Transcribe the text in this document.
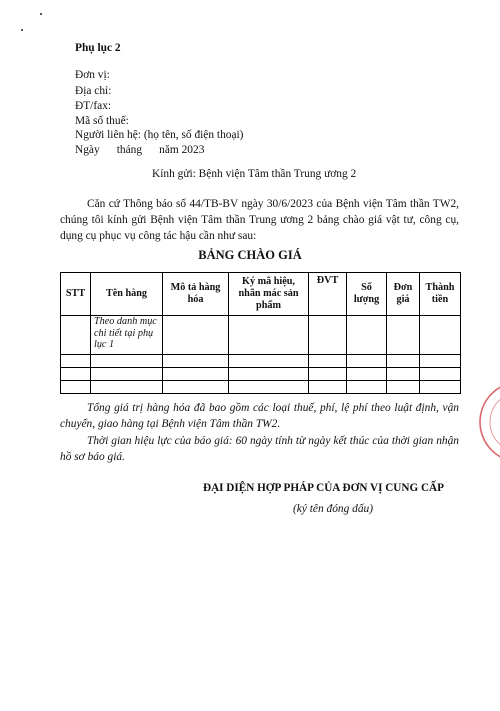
Phụ lục 2
Đơn vị:
Địa chỉ:
ĐT/fax:
Mã số thuế:
Người liên hệ: (họ tên, số điện thoại)
Ngày      tháng      năm 2023
Kính gửi: Bệnh viện Tâm thần Trung ương 2
Căn cứ Thông báo số 44/TB-BV ngày 30/6/2023 của Bệnh viện Tâm thần TW2, chúng tôi kính gửi Bệnh viện Tâm thần Trung ương 2 bảng chào giá vật tư, công cụ, dụng cụ phục vụ công tác hậu cần như sau:
BẢNG CHÀO GIÁ
STT	Tên hàng	Mô tả hàng hóa	Ký mã hiệu, nhãn mác sản phẩm	ĐVT	Số lượng	Đơn giá	Thành tiền
	Theo danh mục chi tiết tại phụ lục 1						

Tổng giá trị hàng hóa đã bao gồm các loại thuế, phí, lệ phí theo luật định, vận chuyển, giao hàng tại Bệnh viện Tâm thần TW2.
Thời gian hiệu lực của báo giá: 60 ngày tính từ ngày kết thúc của thời gian nhận hồ sơ báo giá.
ĐẠI DIỆN HỢP PHÁP CỦA ĐƠN VỊ CUNG CẤP
(ký tên đóng dấu)
